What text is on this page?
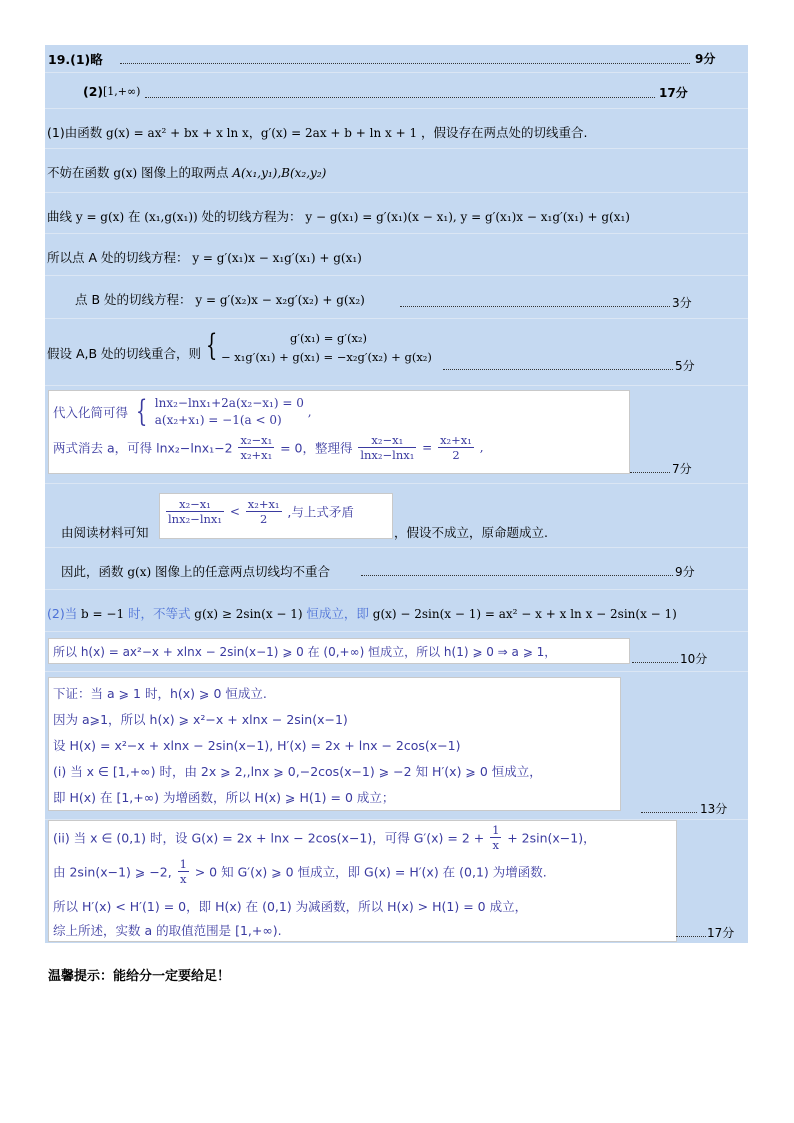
19.(1)略	9分
(2) [1,+∞)	17分
(1)由函数 g(x) = ax² + bx + x ln x，g′(x) = 2ax + b + ln x + 1 ，假设存在两点处的切线重合.
不妨在函数 g(x) 图像上的取两点 A(x₁,y₁),B(x₂,y₂)
曲线 y = g(x) 在 (x₁,g(x₁)) 处的切线方程为： y − g(x₁) = g′(x₁)(x − x₁), y = g′(x₁)x − x₁g′(x₁) + g(x₁)
所以点 A 处的切线方程： y = g′(x₁)x − x₁g′(x₁) + g(x₁)
点 B 处的切线方程： y = g′(x₂)x − x₂g′(x₂) + g(x₂)	3分
假设 A,B 处的切线重合，则 {	g′(x₁) = g′(x₂)
− x₁g′(x₁) + g(x₁) = −x₂g′(x₂) + g(x₂)
5分
代入化简可得 { lnx₂−lnx₁+2a(x₂−x₁) = 0
a(x₂+x₁) = −1(a < 0)
,
两式消去 a，可得 $\ln x_2-\ln x_1-2 \frac{\text{x₂−x₁}}{\text{x₂+x₁}} = 0$，整理得 $\frac{\text{x₂−x₁}}{\text{lnx₂−lnx₁}} = \frac{\text{x₂+x₁}}{2}$ ,
7分
由阅读材料可知
$\frac{\text{x₂−x₁}}{\text{lnx₂−lnx₁}} < \frac{\text{x₂+x₁}}{2}$ ,与上式矛盾
，假设不成立，原命题成立.
因此，函数 g(x) 图像上的任意两点切线均不重合	9分
(2)当 b = −1 时，不等式 g(x) ≥ 2sin(x − 1) 恒成立，即 g(x) − 2sin(x − 1) = ax² − x + x ln x − 2sin(x − 1)
所以 h(x) = ax²−x + xlnx − 2sin(x−1) ⩾ 0 在 (0,+∞) 恒成立，所以 h(1) ⩾ 0 ⇒ a ⩾ 1，	10分
下证：当 a ⩾ 1 时，h(x) ⩾ 0 恒成立.
因为 a⩾1，所以 h(x) ⩾ x²−x + xlnx − 2sin(x−1)
设 H(x) = x²−x + xlnx − 2sin(x−1), H′(x) = 2x + lnx − 2cos(x−1)
(i) 当 x ∈ [1,+∞) 时，由 2x ⩾ 2,,lnx ⩾ 0,−2cos(x−1) ⩾ −2 知 H′(x) ⩾ 0 恒成立，
即 H(x) 在 [1,+∞) 为增函数，所以 H(x) ⩾ H(1) = 0 成立；
13分
(ii) 当 x ∈ (0,1) 时，设 G(x) = 2x + lnx − 2cos(x−1)，可得 $G'(x) = 2 + \frac{1}{x} + 2\sin(x-1)$，
由 2sin(x−1) ⩾ −2, $\frac{1}{x} > 0$ 知 G′(x) ⩾ 0 恒成立，即 G(x) = H′(x) 在 (0,1) 为增函数.
所以 H′(x) < H′(1) = 0，即 H(x) 在 (0,1) 为减函数，所以 H(x) > H(1) = 0 成立，
综上所述，实数 a 的取值范围是 [1,+∞).	17分
温馨提示：能给分一定要给足！
